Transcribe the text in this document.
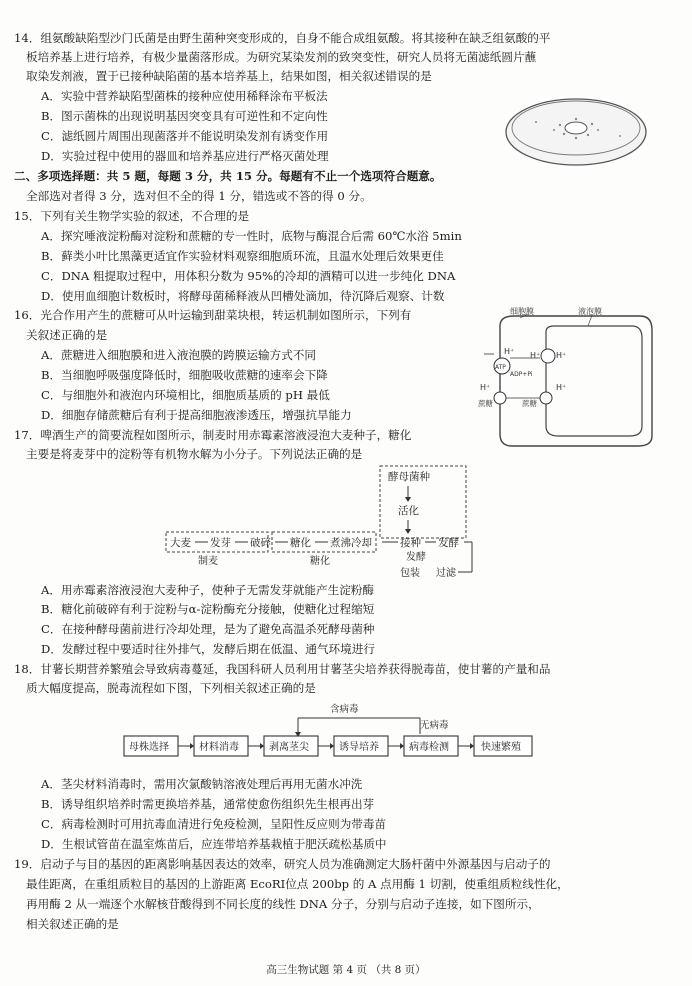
14．组氨酸缺陷型沙门氏菌是由野生菌种突变形成的，自身不能合成组氨酸。将其接种在缺乏组氨酸的平
板培养基上进行培养，有极少量菌落形成。为研究某染发剂的致突变性，研究人员将无菌滤纸圆片蘸
取染发剂液，置于已接种缺陷菌的基本培养基上，结果如图，相关叙述错误的是
A．实验中营养缺陷型菌株的接种应使用稀释涂布平板法
B．图示菌株的出现说明基因突变具有可逆性和不定向性
C．滤纸圆片周围出现菌落并不能说明染发剂有诱变作用
D．实验过程中使用的器皿和培养基应进行严格灭菌处理
二、多项选择题：共 5 题，每题 3 分，共 15 分。每题有不止一个选项符合题意。
全部选对者得 3 分，选对但不全的得 1 分，错选或不答的得 0 分。
15．下列有关生物学实验的叙述，不合理的是
A．探究唾液淀粉酶对淀粉和蔗糖的专一性时，底物与酶混合后需 60℃水浴 5min
B．藓类小叶比黑藻更适宜作实验材料观察细胞质环流，且温水处理后效果更佳
C．DNA 粗提取过程中，用体积分数为 95%的冷却的酒精可以进一步纯化 DNA
D．使用血细胞计数板时，将酵母菌稀释液从凹槽处滴加，待沉降后观察、计数
16．光合作用产生的蔗糖可从叶运输到甜菜块根，转运机制如图所示，下列有
关叙述正确的是
A．蔗糖进入细胞膜和进入液泡膜的跨膜运输方式不同
B．当细胞呼吸强度降低时，细胞吸收蔗糖的速率会下降
C．与细胞外和液泡内环境相比，细胞质基质的 pH 最低
D．细胞存储蔗糖后有利于提高细胞液渗透压，增强抗旱能力
细胞膜	液泡膜
ATP
H⁺
ADP+Pi
H⁺ H⁺
H⁺
蔗糖
H⁺
蔗糖
17．啤酒生产的简要流程如图所示，制麦时用赤霉素溶液浸泡大麦种子，糖化
主要是将麦芽中的淀粉等有机物水解为小分子。下列说法正确的是
酵母菌种
活化
大麦 发芽 破碎 糖化 煮沸冷却	接种 发酵
制麦	糖化	发酵
包装 过滤
A．用赤霉素溶液浸泡大麦种子，使种子无需发芽就能产生淀粉酶
B．糖化前破碎有利于淀粉与α-淀粉酶充分接触，使糖化过程缩短
C．在接种酵母菌前进行冷却处理，是为了避免高温杀死酵母菌种
D．发酵过程中要适时往外排气，发酵后期在低温、通气环境进行
18．甘薯长期营养繁殖会导致病毒蔓延，我国科研人员利用甘薯茎尖培养获得脱毒苗，使甘薯的产量和品
质大幅度提高，脱毒流程如下图，下列相关叙述正确的是
含病毒
无病毒
母株选择	材料消毒	剥离茎尖	诱导培养	病毒检测	快速繁殖
A．茎尖材料消毒时，需用次氯酸钠溶液处理后再用无菌水冲洗
B．诱导组织培养时需更换培养基，通常使愈伤组织先生根再出芽
C．病毒检测时可用抗毒血清进行免疫检测，呈阳性反应则为带毒苗
D．生根试管苗在温室炼苗后，应连带培养基栽植于肥沃疏松基质中
19．启动子与目的基因的距离影响基因表达的效率，研究人员为准确测定大肠杆菌中外源基因与启动子的
最佳距离，在重组质粒目的基因的上游距离 EcoRI位点 200bp 的 A 点用酶 1 切割，使重组质粒线性化，
再用酶 2 从一端逐个水解核苷酸得到不同长度的线性 DNA 分子，分别与启动子连接，如下图所示，
相关叙述正确的是
高三生物试题 第 4 页 （共 8 页）
